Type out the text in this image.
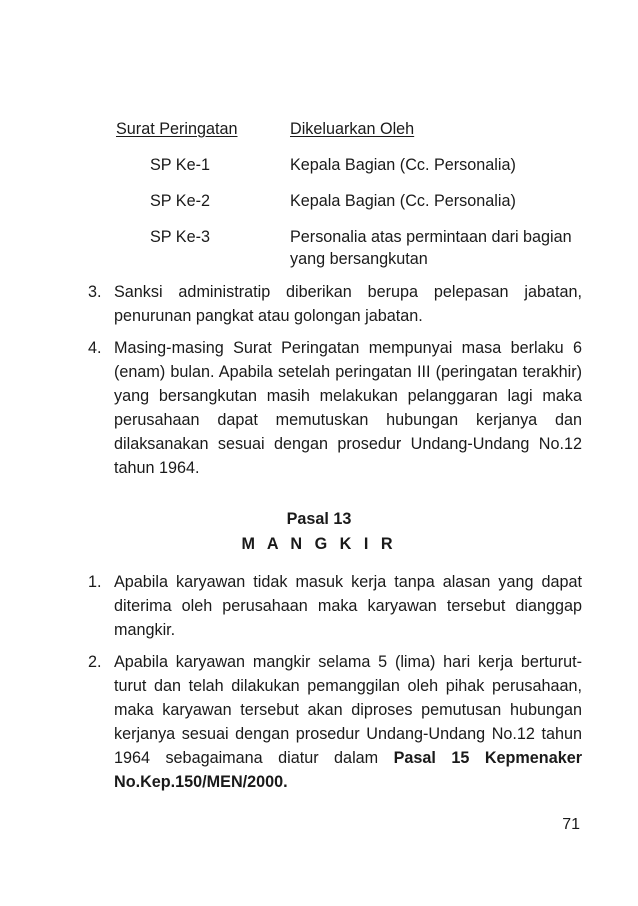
Surat Peringatan	Dikeluarkan Oleh
SP Ke-1	Kepala Bagian (Cc. Personalia)
SP Ke-2	Kepala Bagian (Cc. Personalia)
SP Ke-3	Personalia atas permintaan dari bagian yang bersangkutan
3. Sanksi administratip diberikan berupa pelepasan jabatan, penurunan pangkat atau golongan jabatan.
4. Masing-masing Surat Peringatan mempunyai masa berlaku 6 (enam) bulan. Apabila setelah peringatan III (peringatan terakhir) yang bersangkutan masih melakukan pelanggaran lagi maka perusahaan dapat memutuskan hubungan kerjanya dan dilaksanakan sesuai dengan prosedur Undang-Undang No.12 tahun 1964.
Pasal 13
M A N G K I R
1. Apabila karyawan tidak masuk kerja tanpa alasan yang dapat diterima oleh perusahaan maka karyawan tersebut dianggap mangkir.
2. Apabila karyawan mangkir selama 5 (lima) hari kerja berturut-turut dan telah dilakukan pemanggilan oleh pihak perusahaan, maka karyawan tersebut akan diproses pemutusan hubungan kerjanya sesuai dengan prosedur Undang-Undang No.12 tahun 1964 sebagaimana diatur dalam Pasal 15 Kepmenaker No.Kep.150/MEN/2000.
71
